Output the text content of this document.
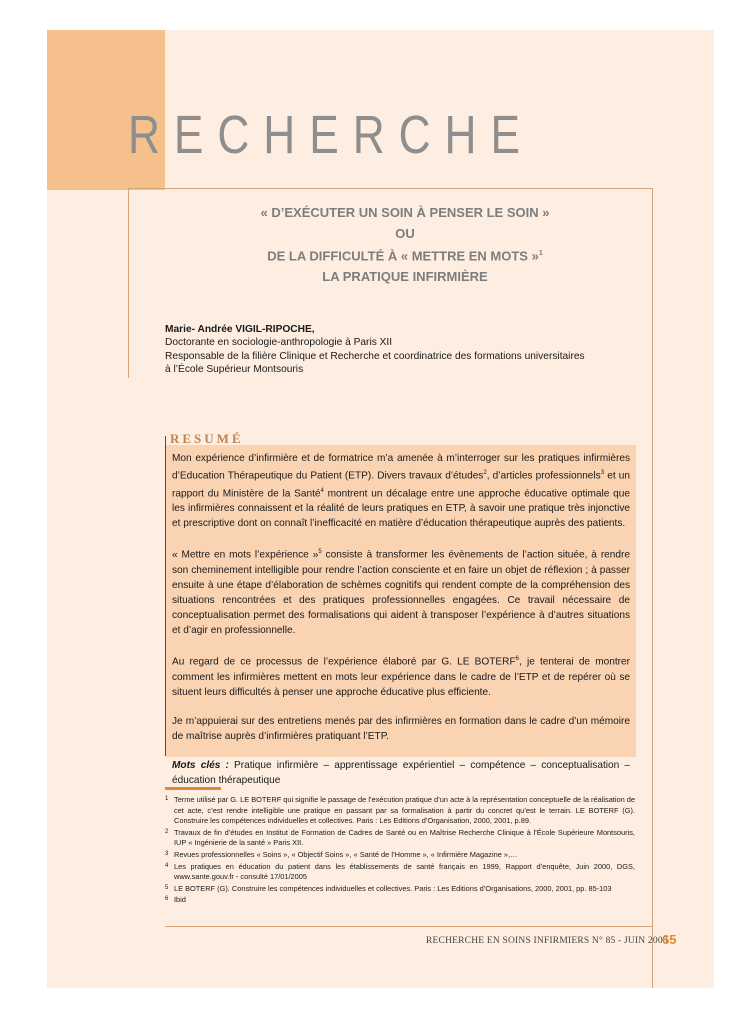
RECHERCHE
« D’EXÉCUTER UN SOIN À PENSER LE SOIN »
OU
DE LA DIFFICULTÉ À « METTRE EN MOTS »$^1$
LA PRATIQUE INFIRMIÈRE
Marie- Andrée VIGIL-RIPOCHE,
Doctorante en sociologie-anthropologie à Paris XII
Responsable de la filière Clinique et Recherche et coordinatrice des formations universitaires
à l’École Supérieur Montsouris
RESUMÉ

Mon expérience d’infirmière et de formatrice m’a amenée à m’interroger sur les pratiques infirmières d’Education Thérapeutique du Patient (ETP). Divers travaux d’études$^2$, d’articles professionnels$^3$ et un rapport du Ministère de la Santé$^4$ montrent un décalage entre une approche éducative optimale que les infirmières connaissent et la réalité de leurs pratiques en ETP, à savoir une pratique très injonctive et prescriptive dont on connaît l’inefficacité en matière d’éducation thérapeutique auprès des patients.

« Mettre en mots l’expérience »$^5$ consiste à transformer les évènements de l’action située, à rendre son cheminement intelligible pour rendre l’action consciente et en faire un objet de réflexion ; à passer ensuite à une étape d’élaboration de schèmes cognitifs qui rendent compte de la compréhension des situations rencontrées et des pratiques professionnelles engagées. Ce travail nécessaire de conceptualisation permet des formalisations qui aident à transposer l’expérience à d’autres situations et d’agir en professionnelle.

Au regard de ce processus de l’expérience élaboré par G. LE BOTERF$^6$, je tenterai de montrer comment les infirmières mettent en mots leur expérience dans le cadre de l’ETP et de repérer où se situent leurs difficultés à penser une approche éducative plus efficiente.

Je m’appuierai sur des entretiens menés par des infirmières en formation dans le cadre d’un mémoire de maîtrise auprès d’infirmières pratiquant l’ETP.

Mots clés : Pratique infirmière – apprentissage expérientiel – compétence – conceptualisation – éducation thérapeutique

1 Terme utilisé par G. LE BOTERF qui signifie le passage de l’exécution pratique d’un acte à la représentation conceptuelle de la réalisation de cet acte, c’est rendre intelligible une pratique en passant par sa formalisation à partir du concret qu’est le terrain. LE BOTERF (G). Construire les compétences individuelles et collectives. Paris : Les Editions d’Organisation, 2000, 2001, p.89.
2 Travaux de fin d’études en Institut de Formation de Cadres de Santé ou en Maîtrise Recherche Clinique à l’École Supérieure Montsouris, IUP « Ingénierie de la santé » Paris XII.
3 Revues professionnelles « Soins », « Objectif Soins », « Santé de l’Homme », « Infirmière Magazine »,…
4 Les pratiques en éducation du patient dans les établissements de santé français en 1999, Rapport d’enquête, Juin 2000, DGS, www.sante.gouv.fr - consulté 17/01/2005
5 LE BOTERF (G). Construire les compétences individuelles et collectives. Paris : Les Editions d’Organisations, 2000, 2001, pp. 85-103
6 Ibid
RECHERCHE EN SOINS INFIRMIERS N° 85 - JUIN 2006
65
